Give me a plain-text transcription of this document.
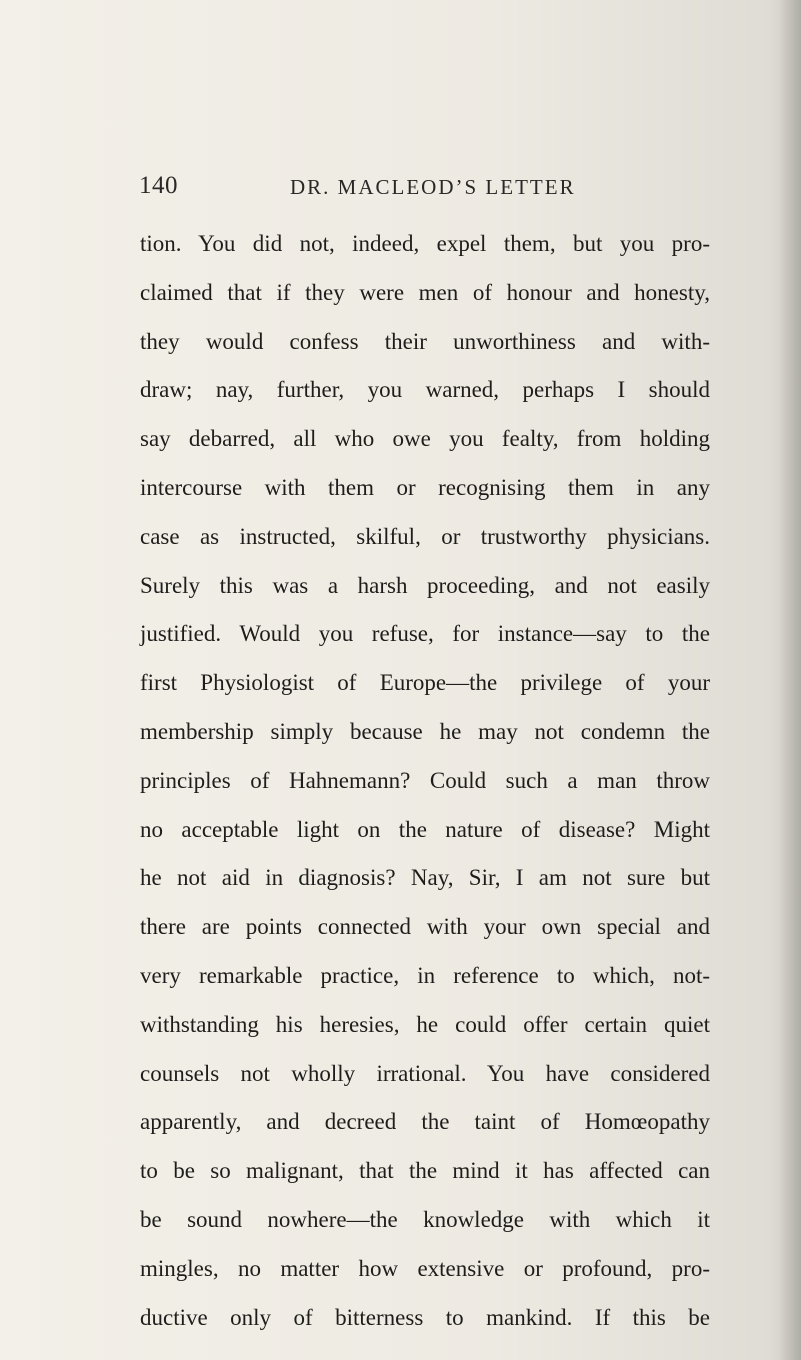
140	DR. MACLEOD’S LETTER
tion. You did not, indeed, expel them, but you pro-
claimed that if they were men of honour and honesty,
they would confess their unworthiness and with-
draw; nay, further, you warned, perhaps I should
say debarred, all who owe you fealty, from holding
intercourse with them or recognising them in any
case as instructed, skilful, or trustworthy physicians.
Surely this was a harsh proceeding, and not easily
justified. Would you refuse, for instance—say to the
first Physiologist of Europe—the privilege of your
membership simply because he may not condemn the
principles of Hahnemann? Could such a man throw
no acceptable light on the nature of disease? Might
he not aid in diagnosis? Nay, Sir, I am not sure but
there are points connected with your own special and
very remarkable practice, in reference to which, not-
withstanding his heresies, he could offer certain quiet
counsels not wholly irrational. You have considered
apparently, and decreed the taint of Homœopathy
to be so malignant, that the mind it has affected can
be sound nowhere—the knowledge with which it
mingles, no matter how extensive or profound, pro-
ductive only of bitterness to mankind. If this be
